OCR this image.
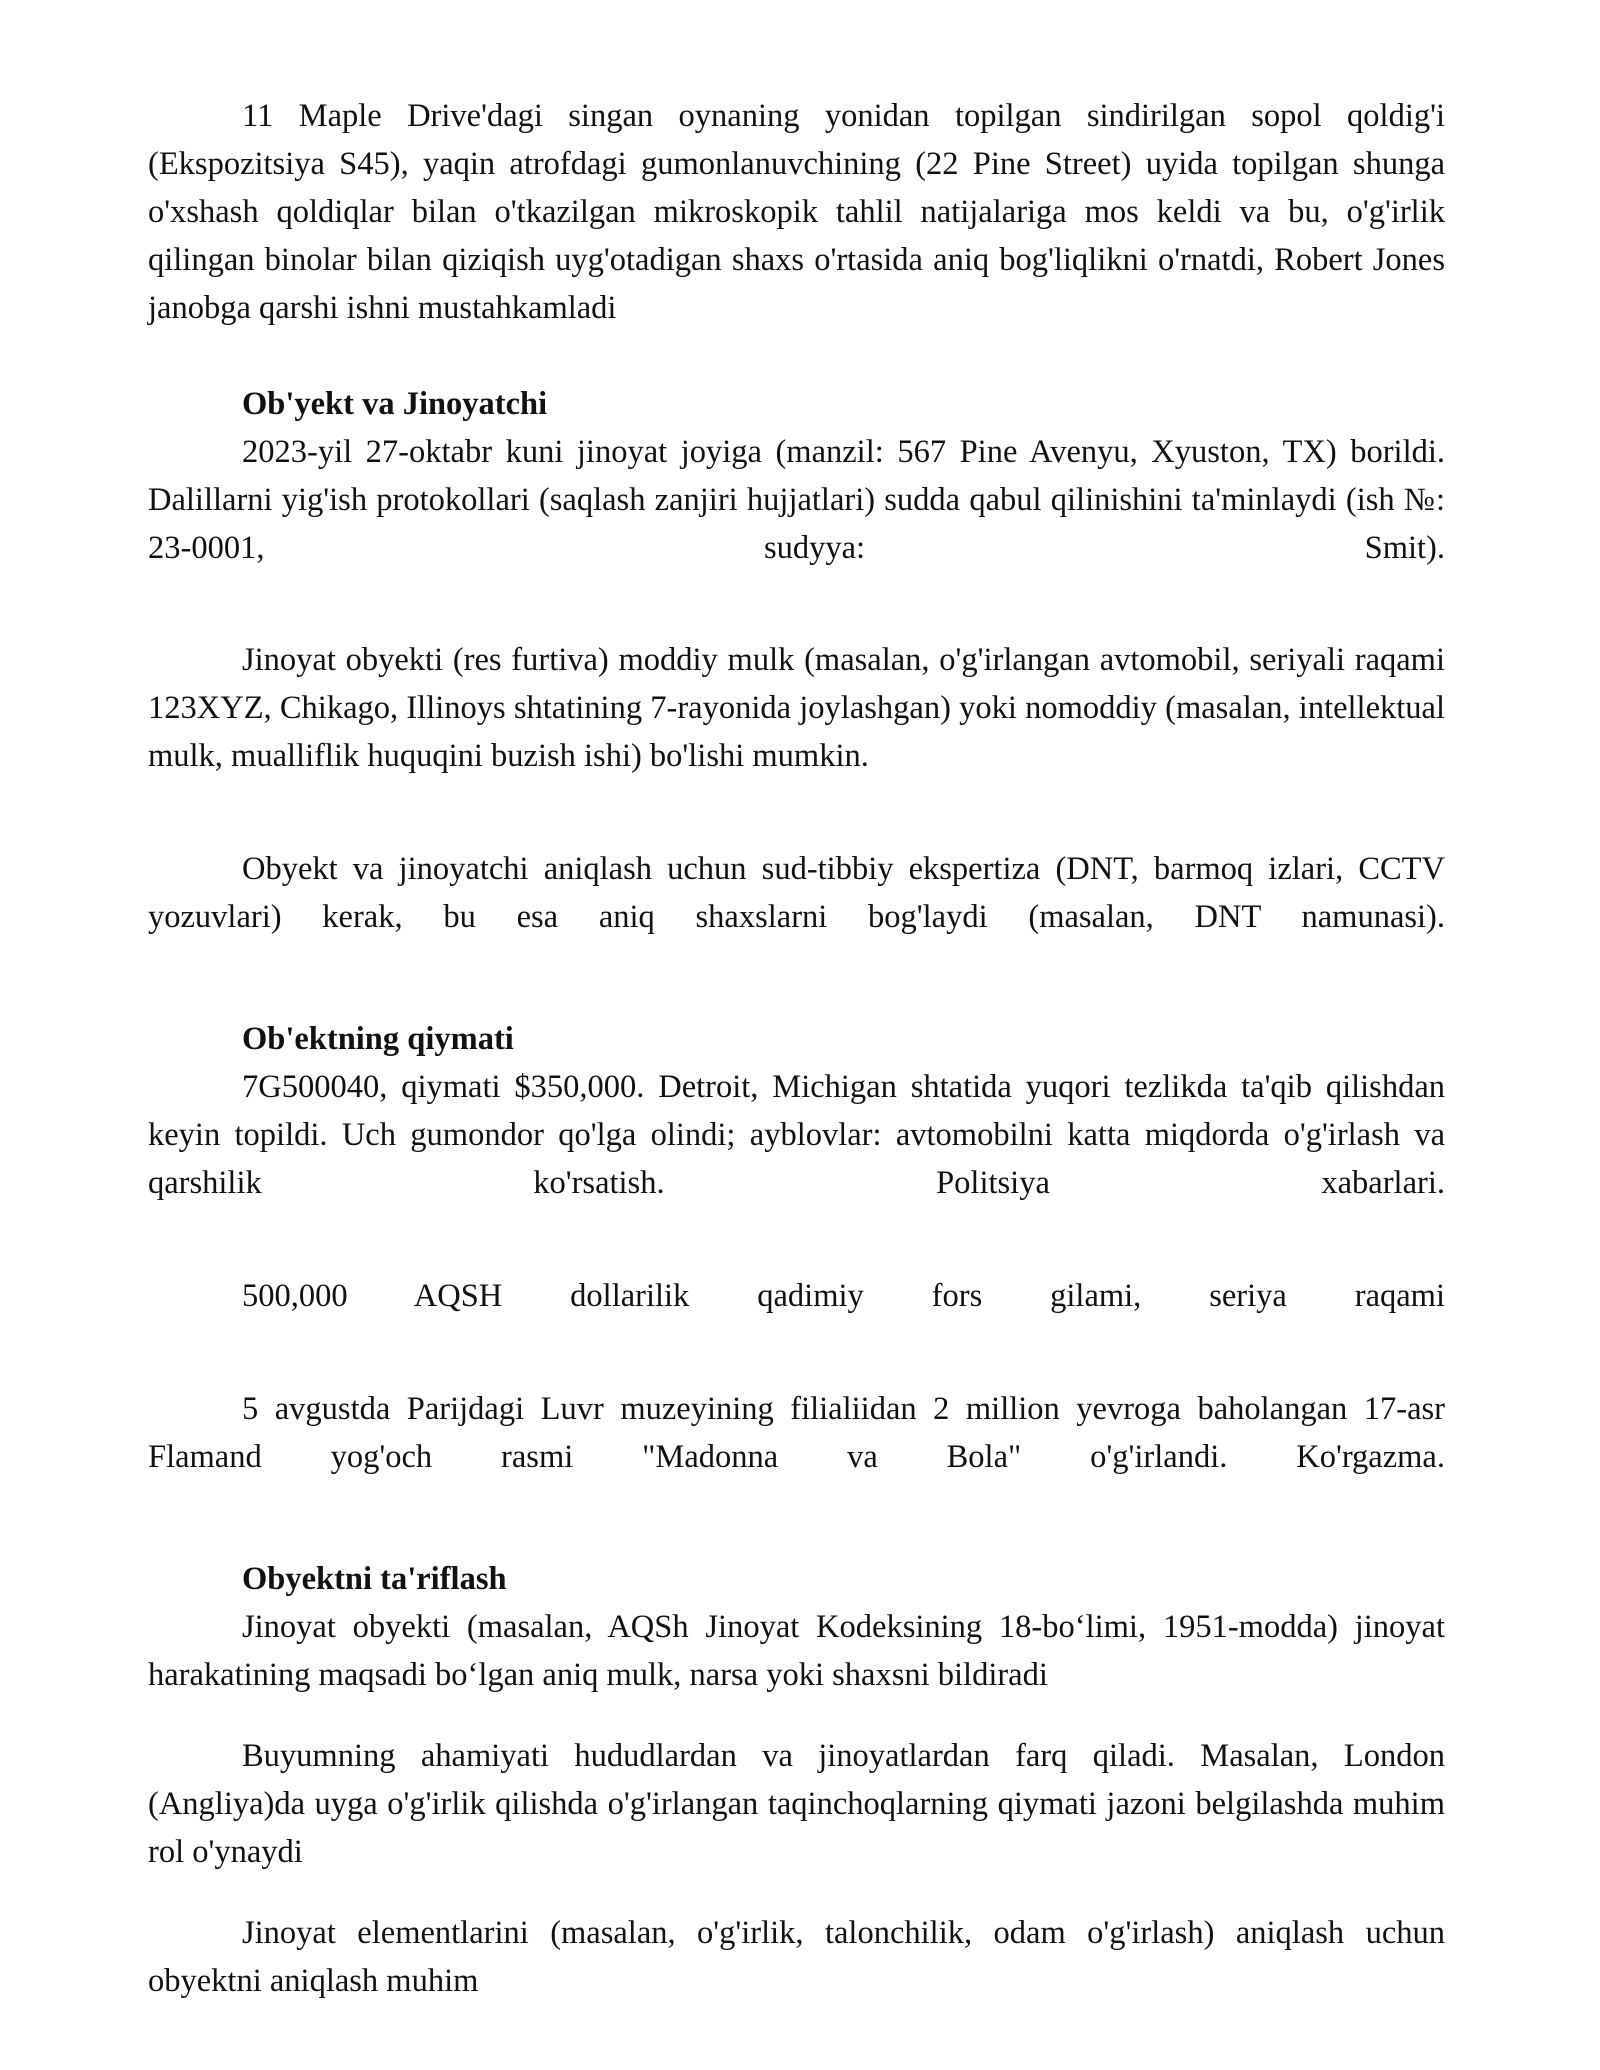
11 Maple Drive'dagi singan oynaning yonidan topilgan sindirilgan sopol qoldig'i (Ekspozitsiya S45), yaqin atrofdagi gumonlanuvchining (22 Pine Street) uyida topilgan shunga o'xshash qoldiqlar bilan o'tkazilgan mikroskopik tahlil natijalariga mos keldi va bu, o'g'irlik qilingan binolar bilan qiziqish uyg'otadigan shaxs o'rtasida aniq bog'liqlikni o'rnatdi, Robert Jones janobga qarshi ishni mustahkamladi

Ob'yekt va Jinoyatchi

2023-yil 27-oktabr kuni jinoyat joyiga (manzil: 567 Pine Avenyu, Xyuston, TX) borildi. Dalillarni yig'ish protokollari (saqlash zanjiri hujjatlari) sudda qabul qilinishini ta'minlaydi (ish №: 23-0001, sudyya: Smit).

Jinoyat obyekti (res furtiva) moddiy mulk (masalan, o'g'irlangan avtomobil, seriyali raqami 123XYZ, Chikago, Illinoys shtatining 7-rayonida joylashgan) yoki nomoddiy (masalan, intellektual mulk, mualliflik huquqini buzish ishi) bo'lishi mumkin.

Obyekt va jinoyatchi aniqlash uchun sud-tibbiy ekspertiza (DNT, barmoq izlari, CCTV yozuvlari) kerak, bu esa aniq shaxslarni bog'laydi (masalan, DNT namunasi).

Ob'ektning qiymati

7G500040, qiymati $350,000. Detroit, Michigan shtatida yuqori tezlikda ta'qib qilishdan keyin topildi. Uch gumondor qo'lga olindi; ayblovlar: avtomobilni katta miqdorda o'g'irlash va qarshilik ko'rsatish. Politsiya xabarlari.

500,000 AQSH dollarilik qadimiy fors gilami, seriya raqami

5 avgustda Parijdagi Luvr muzeyining filialiidan 2 million yevroga baholangan 17-asr Flamand yog'och rasmi "Madonna va Bola" o'g'irlandi. Ko'rgazma.

Obyektni ta'riflash

Jinoyat obyekti (masalan, AQSh Jinoyat Kodeksining 18-bo‘limi, 1951-modda) jinoyat harakatining maqsadi bo‘lgan aniq mulk, narsa yoki shaxsni bildiradi

Buyumning ahamiyati hududlardan va jinoyatlardan farq qiladi. Masalan, London (Angliya)da uyga o'g'irlik qilishda o'g'irlangan taqinchoqlarning qiymati jazoni belgilashda muhim rol o'ynaydi

Jinoyat elementlarini (masalan, o'g'irlik, talonchilik, odam o'g'irlash) aniqlash uchun obyektni aniqlash muhim
